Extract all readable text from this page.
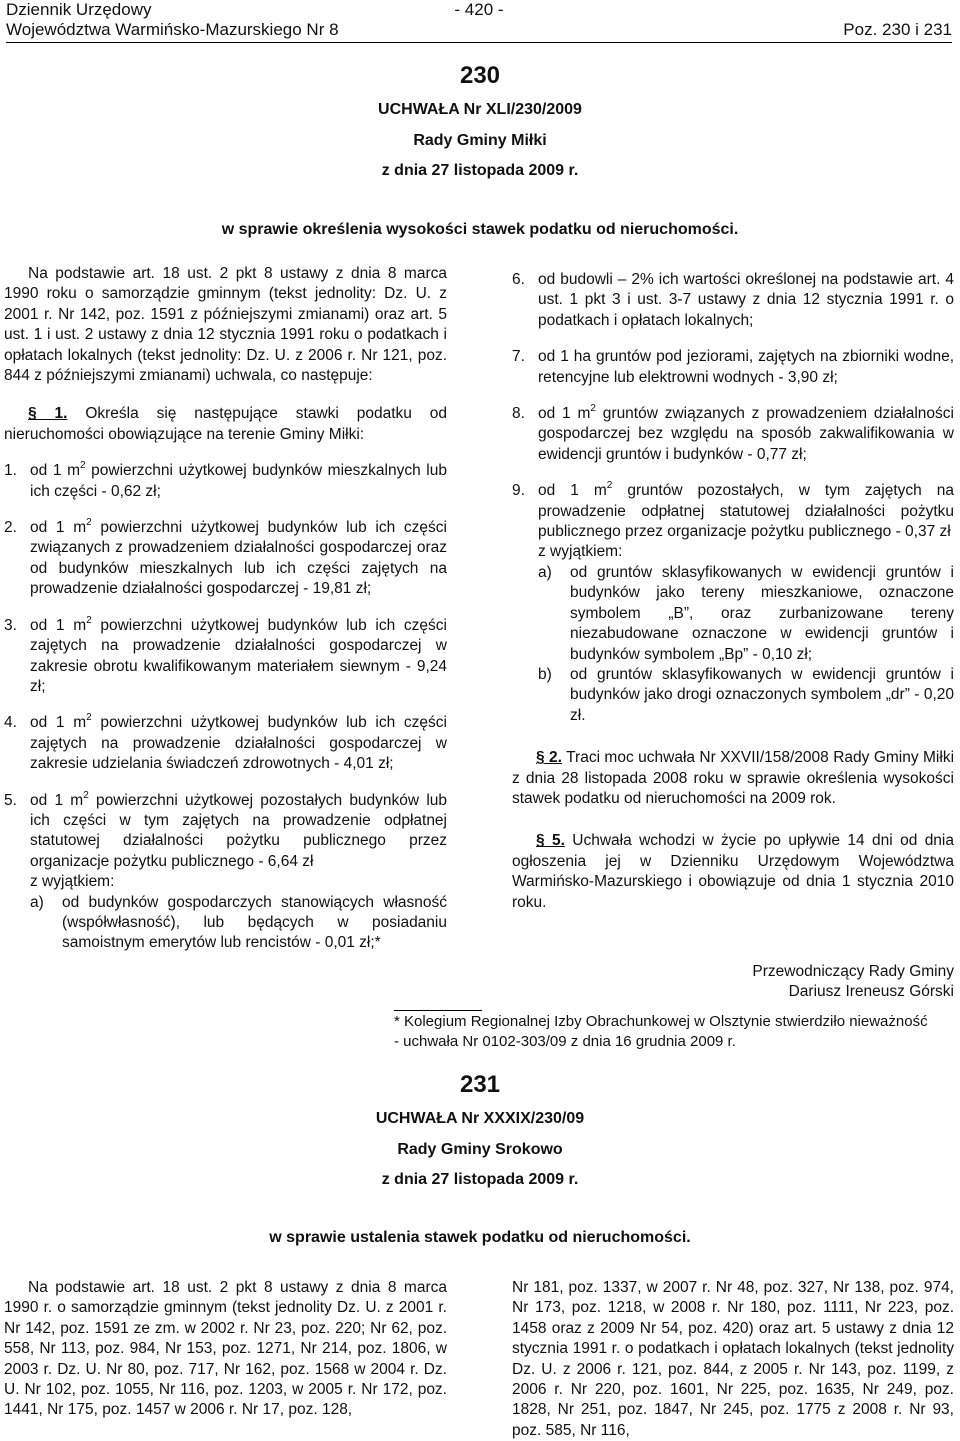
Dziennik Urzędowy
Województwa Warmińsko-Mazurskiego Nr 8
- 420 -
Poz. 230 i 231
230
UCHWAŁA Nr XLI/230/2009
Rady Gminy Miłki
z dnia 27 listopada 2009 r.
w sprawie określenia wysokości stawek podatku od nieruchomości.

Na podstawie art. 18 ust. 2 pkt 8 ustawy z dnia 8 marca 1990 roku o samorządzie gminnym (tekst jednolity: Dz. U. z 2001 r. Nr 142, poz. 1591 z późniejszymi zmianami) oraz art. 5 ust. 1 i ust. 2 ustawy z dnia 12 stycznia 1991 roku o podatkach i opłatach lokalnych (tekst jednolity: Dz. U. z 2006 r. Nr 121, poz. 844 z późniejszymi zmianami) uchwala, co następuje:

§ 1. Określa się następujące stawki podatku od nieruchomości obowiązujące na terenie Gminy Miłki:

1. od 1 $m^2$ powierzchni użytkowej budynków mieszkalnych lub ich części - 0,62 zł;
2. od 1 $m^2$ powierzchni użytkowej budynków lub ich części związanych z prowadzeniem działalności gospodarczej oraz od budynków mieszkalnych lub ich części zajętych na prowadzenie działalności gospodarczej - 19,81 zł;
3. od 1 $m^2$ powierzchni użytkowej budynków lub ich części zajętych na prowadzenie działalności gospodarczej w zakresie obrotu kwalifikowanym materiałem siewnym - 9,24 zł;
4. od 1 $m^2$ powierzchni użytkowej budynków lub ich części zajętych na prowadzenie działalności gospodarczej w zakresie udzielania świadczeń zdrowotnych - 4,01 zł;
5. od 1 $m^2$ powierzchni użytkowej pozostałych budynków lub ich części w tym zajętych na prowadzenie odpłatnej statutowej działalności pożytku publicznego przez organizacje pożytku publicznego - 6,64 zł
z wyjątkiem:
a) od budynków gospodarczych stanowiących własność (współwłasność), lub będących w posiadaniu samoistnym emerytów lub rencistów - 0,01 zł;*
6. od budowli – 2% ich wartości określonej na podstawie art. 4 ust. 1 pkt 3 i ust. 3-7 ustawy z dnia 12 stycznia 1991 r. o podatkach i opłatach lokalnych;
7. od 1 ha gruntów pod jeziorami, zajętych na zbiorniki wodne, retencyjne lub elektrowni wodnych - 3,90 zł;
8. od 1 $m^2$ gruntów związanych z prowadzeniem działalności gospodarczej bez względu na sposób zakwalifikowania w ewidencji gruntów i budynków - 0,77 zł;
9. od 1 $m^2$ gruntów pozostałych, w tym zajętych na prowadzenie odpłatnej statutowej działalności pożytku publicznego przez organizacje pożytku publicznego - 0,37 zł
z wyjątkiem:
a) od gruntów sklasyfikowanych w ewidencji gruntów i budynków jako tereny mieszkaniowe, oznaczone symbolem „B”, oraz zurbanizowane tereny niezabudowane oznaczone w ewidencji gruntów i budynków symbolem „Bp” - 0,10 zł;
b) od gruntów sklasyfikowanych w ewidencji gruntów i budynków jako drogi oznaczonych symbolem „dr” - 0,20 zł.

§ 2. Traci moc uchwała Nr XXVII/158/2008 Rady Gminy Miłki z dnia 28 listopada 2008 roku w sprawie określenia wysokości stawek podatku od nieruchomości na 2009 rok.

§ 5. Uchwała wchodzi w życie po upływie 14 dni od dnia ogłoszenia jej w Dzienniku Urzędowym Województwa Warmińsko-Mazurskiego i obowiązuje od dnia 1 stycznia 2010 roku.

Przewodniczący Rady Gminy
Dariusz Ireneusz Górski
* Kolegium Regionalnej Izby Obrachunkowej w Olsztynie stwierdziło nieważność
- uchwała Nr 0102-303/09 z dnia 16 grudnia 2009 r.
231
UCHWAŁA Nr XXXIX/230/09
Rady Gminy Srokowo
z dnia 27 listopada 2009 r.
w sprawie ustalenia stawek podatku od nieruchomości.

Na podstawie art. 18 ust. 2 pkt 8 ustawy z dnia 8 marca 1990 r. o samorządzie gminnym (tekst jednolity Dz. U. z 2001 r. Nr 142, poz. 1591 ze zm. w 2002 r. Nr 23, poz. 220; Nr 62, poz. 558, Nr 113, poz. 984, Nr 153, poz. 1271, Nr 214, poz. 1806, w 2003 r. Dz. U. Nr 80, poz. 717, Nr 162, poz. 1568 w 2004 r. Dz. U. Nr 102, poz. 1055, Nr 116, poz. 1203, w 2005 r. Nr 172, poz. 1441, Nr 175, poz. 1457 w 2006 r. Nr 17, poz. 128,

Nr 181, poz. 1337, w 2007 r. Nr 48, poz. 327, Nr 138, poz. 974, Nr 173, poz. 1218, w 2008 r. Nr 180, poz. 1111, Nr 223, poz. 1458 oraz z 2009 Nr 54, poz. 420) oraz art. 5 ustawy z dnia 12 stycznia 1991 r. o podatkach i opłatach lokalnych (tekst jednolity Dz. U. z 2006 r. 121, poz. 844, z 2005 r. Nr 143, poz. 1199, z 2006 r. Nr 220, poz. 1601, Nr 225, poz. 1635, Nr 249, poz. 1828, Nr 251, poz. 1847, Nr 245, poz. 1775 z 2008 r. Nr 93, poz. 585, Nr 116,
